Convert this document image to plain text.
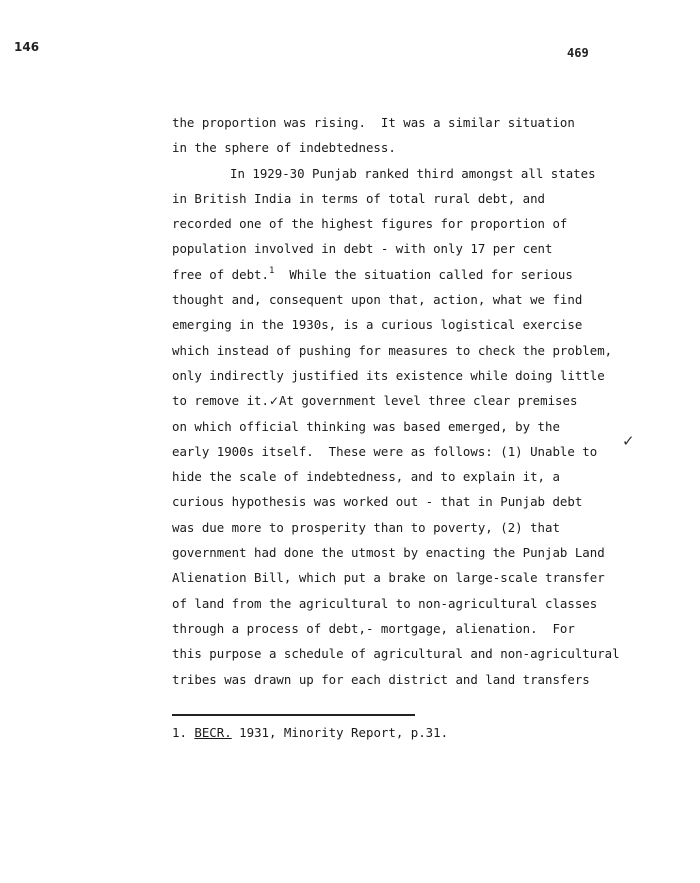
146	469
the proportion was rising.  It was a similar situation
in the sphere of indebtedness.
In 1929-30 Punjab ranked third amongst all states
in British India in terms of total rural debt, and
recorded one of the highest figures for proportion of
population involved in debt - with only 17 per cent
free of debt.$^1$  While the situation called for serious
thought and, consequent upon that, action, what we find
emerging in the 1930s, is a curious logistical exercise
which instead of pushing for measures to check the problem,
only indirectly justified its existence while doing little
to remove it.✓At government level three clear premises
on which official thinking was based emerged, by the
early 1900s itself.  These were as follows: (1) Unable to
hide the scale of indebtedness, and to explain it, a
curious hypothesis was worked out - that in Punjab debt
was due more to prosperity than to poverty, (2) that
government had done the utmost by enacting the Punjab Land
Alienation Bill, which put a brake on large-scale transfer
of land from the agricultural to non-agricultural classes
through a process of debt,- mortgage, alienation.  For
this purpose a schedule of agricultural and non-agricultural
tribes was drawn up for each district and land transfers
✓
1. BECR. 1931, Minority Report, p.31.
